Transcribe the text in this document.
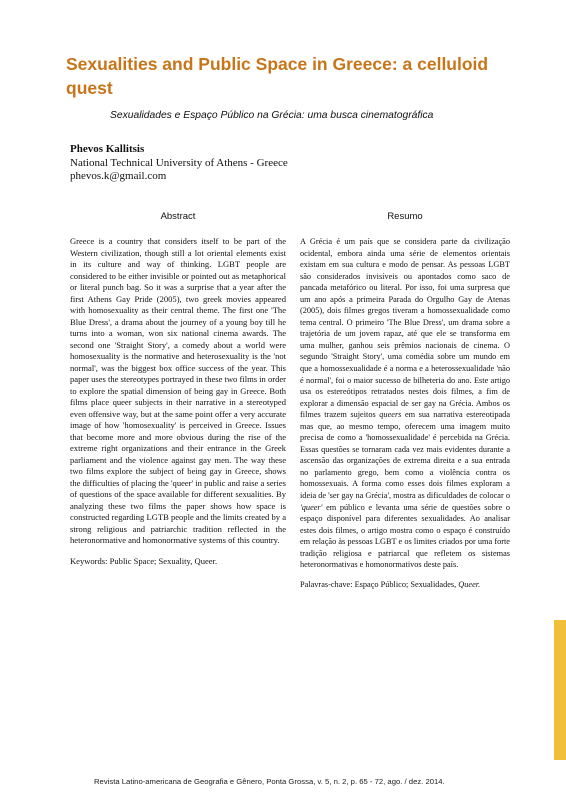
Sexualities and Public Space in Greece: a celluloid quest
Sexualidades e Espaço Público na Grécia: uma busca cinematográfica
Phevos Kallitsis
National Technical University of Athens - Greece
phevos.k@gmail.com
Abstract	Resumo

Greece is a country that considers itself to be part of the Western civilization, though still a lot oriental elements exist in its culture and way of thinking. LGBT people are considered to be either invisible or pointed out as metaphorical or literal punch bag. So it was a surprise that a year after the first Athens Gay Pride (2005), two greek movies appeared with homosexuality as their central theme. The first one 'The Blue Dress', a drama about the journey of a young boy till he turns into a woman, won six national cinema awards. The second one 'Straight Story', a comedy about a world were homosexuality is the normative and heterosexuality is the 'not normal', was the biggest box office success of the year. This paper uses the stereotypes portrayed in these two films in order to explore the spatial dimension of being gay in Greece. Both films place queer subjects in their narrative in a stereotyped even offensive way, but at the same point offer a very accurate image of how 'homosexuality' is perceived in Greece. Issues that become more and more obvious during the rise of the extreme right organizations and their entrance in the Greek parliament and the violence against gay men. The way these two films explore the subject of being gay in Greece, shows the difficulties of placing the 'queer' in public and raise a series of questions of the space available for different sexualities. By analyzing these two films the paper shows how space is constructed regarding LGTB people and the limits created by a strong religious and patriarchic tradition reflected in the heteronormative and homonormative systems of this country.

Keywords: Public Space; Sexuality, Queer.

A Grécia é um país que se considera parte da civilização ocidental, embora ainda uma série de elementos orientais existam em sua cultura e modo de pensar. As pessoas LGBT são considerados invisíveis ou apontados como saco de pancada metafórico ou literal. Por isso, foi uma surpresa que um ano após a primeira Parada do Orgulho Gay de Atenas (2005), dois filmes gregos tiveram a homossexualidade como tema central. O primeiro 'The Blue Dress', um drama sobre a trajetória de um jovem rapaz, até que ele se transforma em uma mulher, ganhou seis prêmios nacionais de cinema. O segundo 'Straight Story', uma comédia sobre um mundo em que a homossexualidade é a norma e a heterossexualidade 'não é normal', foi o maior sucesso de bilheteria do ano. Este artigo usa os estereótipos retratados nestes dois filmes, a fim de explorar a dimensão espacial de ser gay na Grécia. Ambos os filmes trazem sujeitos queers em sua narrativa estereotipada mas que, ao mesmo tempo, oferecem uma imagem muito precisa de como a 'homossexualidade' é percebida na Grécia. Essas questões se tornaram cada vez mais evidentes durante a ascensão das organizações de extrema direita e a sua entrada no parlamento grego, bem como a violência contra os homossexuais. A forma como esses dois filmes exploram a ideia de 'ser gay na Grécia', mostra as dificuldades de colocar o 'queer' em público e levanta uma série de questões sobre o espaço disponível para diferentes sexualidades. Ao analisar estes dois filmes, o artigo mostra como o espaço é construído em relação às pessoas LGBT e os limites criados por uma forte tradição religiosa e patriarcal que refletem os sistemas heteronormativas e homonormativos deste país.

Palavras-chave: Espaço Público; Sexualidades, Queer.

Revista Latino-americana de Geografia e Gênero, Ponta Grossa, v. 5, n. 2, p. 65 - 72, ago. / dez. 2014.
